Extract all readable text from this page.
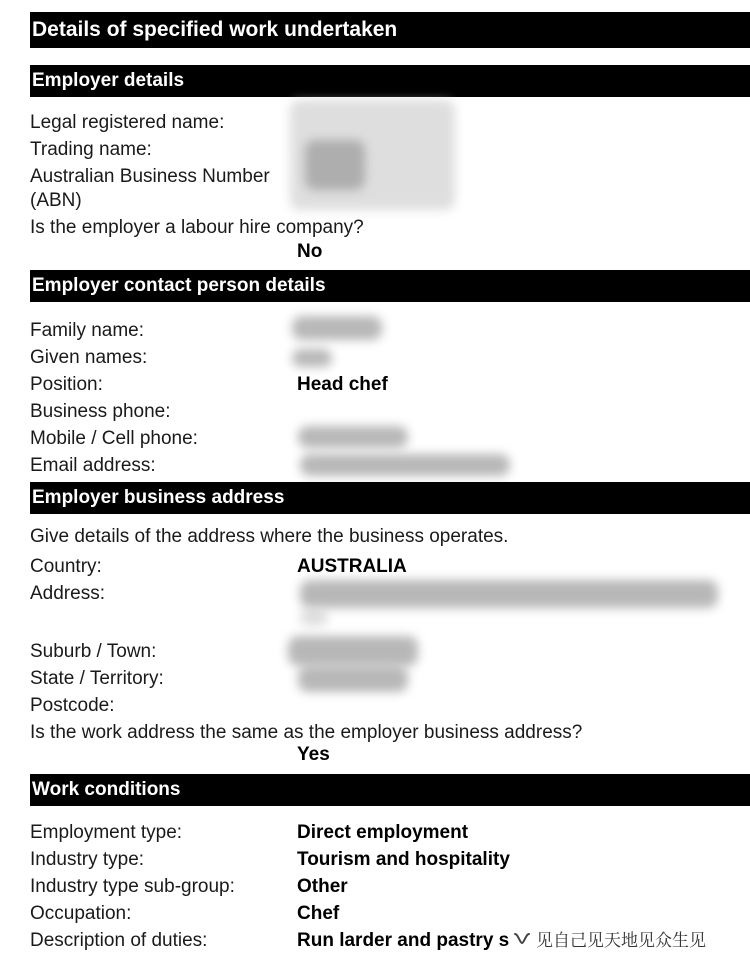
Details of specified work undertaken
Employer details
Legal registered name:
Trading name:
Australian Business Number
(ABN)
Is the employer a labour hire company?
No
Employer contact person details
Family name:
Given names:
Position:	Head chef
Business phone:
Mobile / Cell phone:
Email address:
Employer business address
Give details of the address where the business operates.
Country:	AUSTRALIA
Address:
Suburb / Town:
State / Territory:
Postcode:
Is the work address the same as the employer business address?
Yes
Work conditions
Employment type:	Direct employment
Industry type:	Tourism and hospitality
Industry type sub-group:	Other
Occupation:	Chef
Description of duties:	Run larder and pastry s 见自己见天地见众生见
